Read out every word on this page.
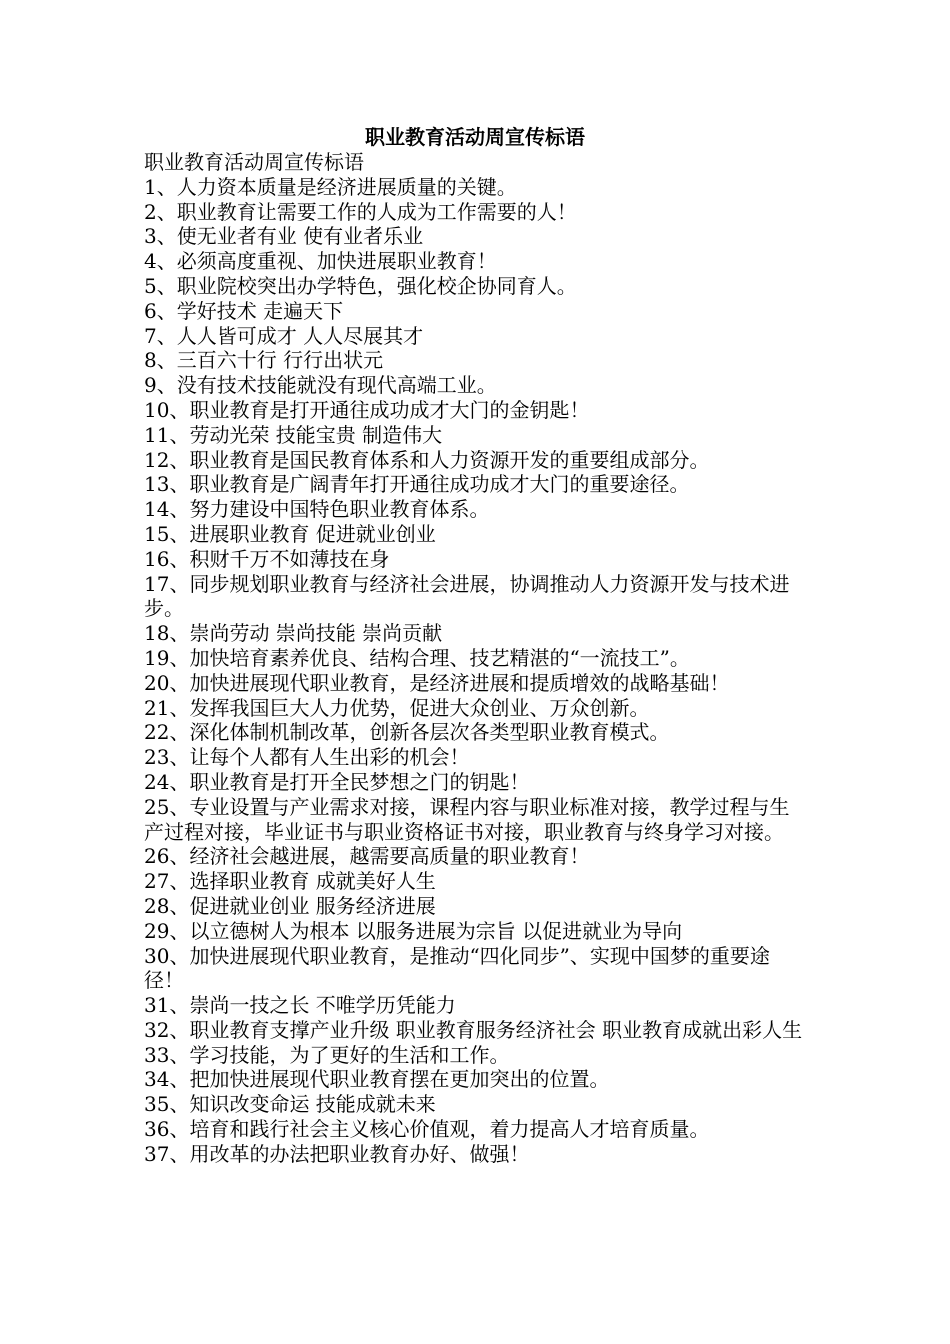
职业教育活动周宣传标语

职业教育活动周宣传标语

1、人力资本质量是经济进展质量的关键。

2、职业教育让需要工作的人成为工作需要的人！

3、使无业者有业 使有业者乐业

4、必须高度重视、加快进展职业教育！

5、职业院校突出办学特色，强化校企协同育人。

6、学好技术 走遍天下

7、人人皆可成才 人人尽展其才

8、三百六十行 行行出状元

9、没有技术技能就没有现代高端工业。

10、职业教育是打开通往成功成才大门的金钥匙！

11、劳动光荣 技能宝贵 制造伟大

12、职业教育是国民教育体系和人力资源开发的重要组成部分。

13、职业教育是广阔青年打开通往成功成才大门的重要途径。

14、努力建设中国特色职业教育体系。

15、进展职业教育 促进就业创业

16、积财千万不如薄技在身

17、同步规划职业教育与经济社会进展，协调推动人力资源开发与技术进步。

18、崇尚劳动 崇尚技能 崇尚贡献

19、加快培育素养优良、结构合理、技艺精湛的“一流技工”。

20、加快进展现代职业教育，是经济进展和提质增效的战略基础！

21、发挥我国巨大人力优势，促进大众创业、万众创新。

22、深化体制机制改革，创新各层次各类型职业教育模式。

23、让每个人都有人生出彩的机会！

24、职业教育是打开全民梦想之门的钥匙！

25、专业设置与产业需求对接，课程内容与职业标准对接，教学过程与生产过程对接，毕业证书与职业资格证书对接，职业教育与终身学习对接。

26、经济社会越进展，越需要高质量的职业教育！

27、选择职业教育 成就美好人生

28、促进就业创业 服务经济进展

29、以立德树人为根本 以服务进展为宗旨 以促进就业为导向

30、加快进展现代职业教育，是推动“四化同步”、实现中国梦的重要途径！

31、崇尚一技之长 不唯学历凭能力

32、职业教育支撑产业升级 职业教育服务经济社会 职业教育成就出彩人生

33、学习技能，为了更好的生活和工作。

34、把加快进展现代职业教育摆在更加突出的位置。

35、知识改变命运 技能成就未来

36、培育和践行社会主义核心价值观，着力提高人才培育质量。

37、用改革的办法把职业教育办好、做强！
